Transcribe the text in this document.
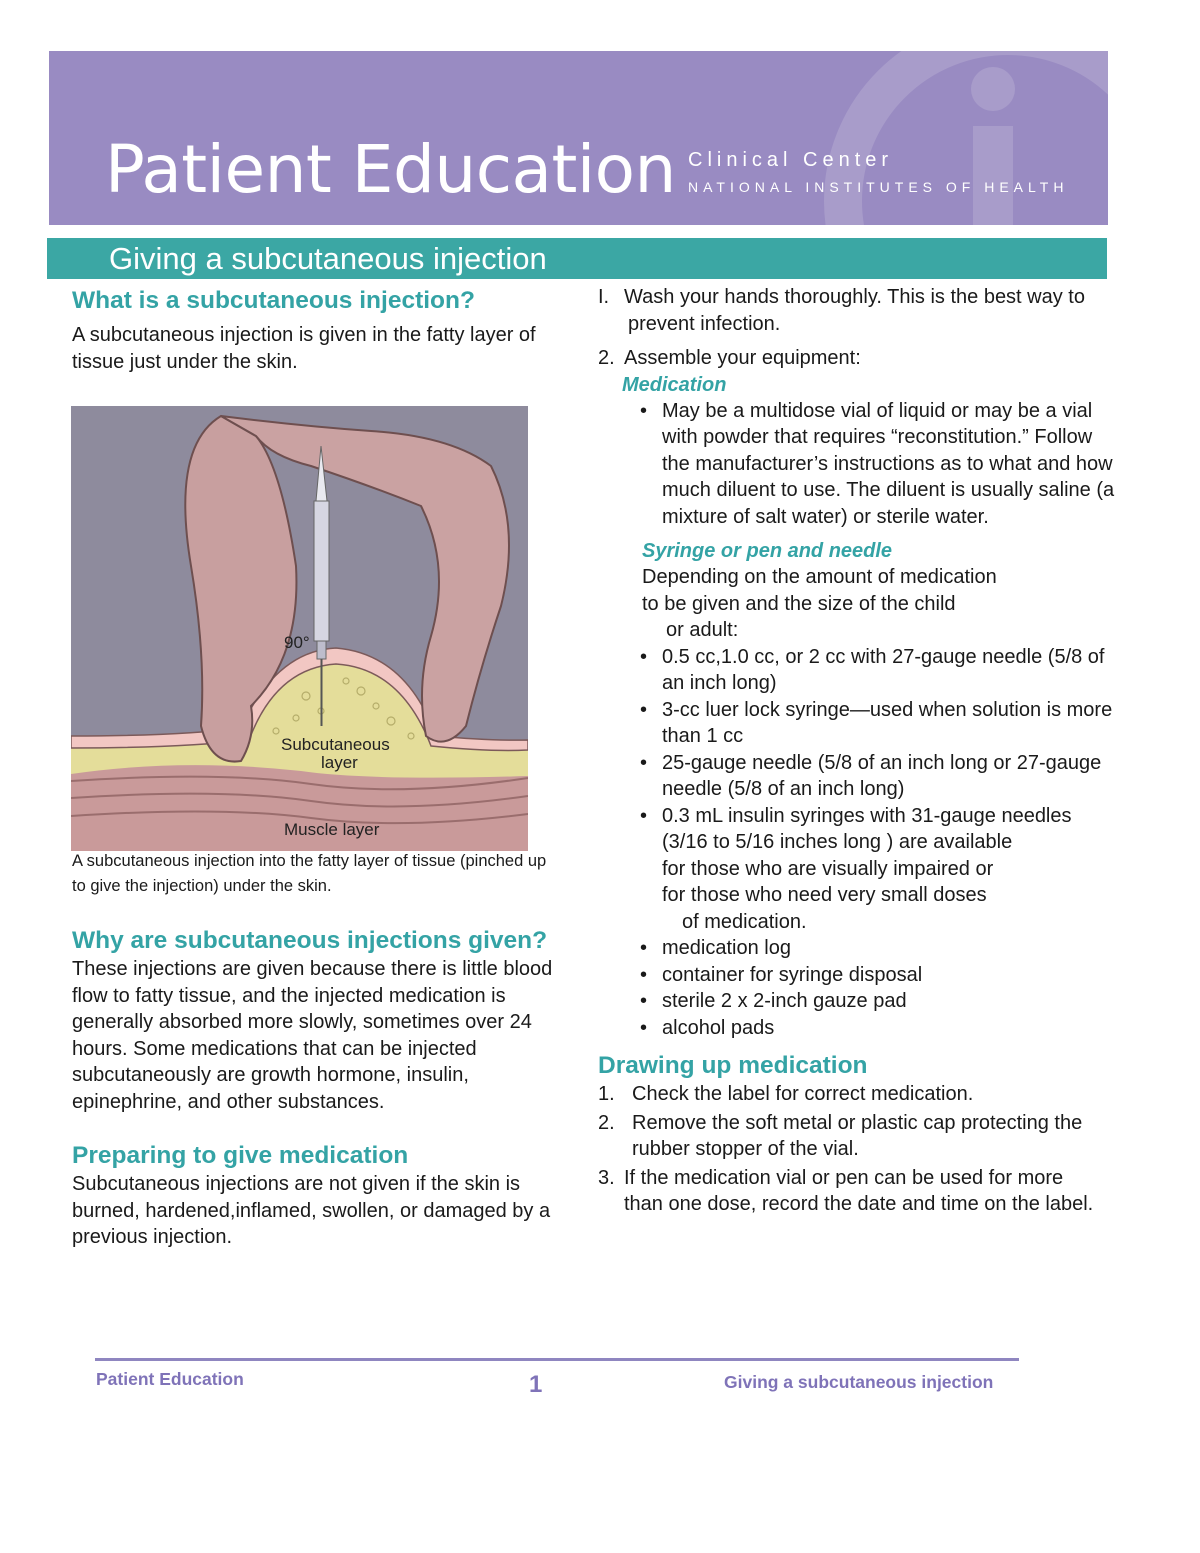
Patient Education Clinical Center
NATIONAL INSTITUTES OF HEALTH
Giving a subcutaneous injection
What is a subcutaneous injection?

A subcutaneous injection is given in the fatty layer of tissue just under the skin.

90°
Subcutaneous
layer
Muscle layer

A subcutaneous injection into the fatty layer of tissue (pinched up to give the injection) under the skin.

Why are subcutaneous injections given?

These injections are given because there is little blood flow to fatty tissue, and the injected medication is generally absorbed more slowly, sometimes over 24 hours. Some medications that can be injected subcutaneously are growth hormone, insulin, epinephrine, and other substances.

Preparing to give medication

Subcutaneous injections are not given if the skin is burned, hardened,inflamed, swollen, or damaged by a previous injection.

I. Wash your hands thoroughly. This is the best way to prevent infection.
2. Assemble your equipment:
Medication
• May be a multidose vial of liquid or may be a vial with powder that requires “reconstitution.” Follow the manufacturer’s instructions as to what and how much diluent to use. The diluent is usually saline (a mixture of salt water) or sterile water.
Syringe or pen and needle
Depending on the amount of medication
to be given and the size of the child
or adult:
• 0.5 cc,1.0 cc, or 2 cc with 27-gauge needle (5/8 of an inch long)
• 3-cc luer lock syringe—used when solution is more than 1 cc
• 25-gauge needle (5/8 of an inch long or 27-gauge needle (5/8 of an inch long)
• 0.3 mL insulin syringes with 31-gauge needles (3/16 to 5/16 inches long ) are available
for those who are visually impaired or
for those who need very small doses
of medication.
• medication log
• container for syringe disposal
• sterile 2 x 2-inch gauze pad
• alcohol pads
Drawing up medication
1. Check the label for correct medication.
2. Remove the soft metal or plastic cap protecting the rubber stopper of the vial.
3. If the medication vial or pen can be used for more than one dose, record the date and time on the label.
Patient Education	1	Giving a subcutaneous injection
